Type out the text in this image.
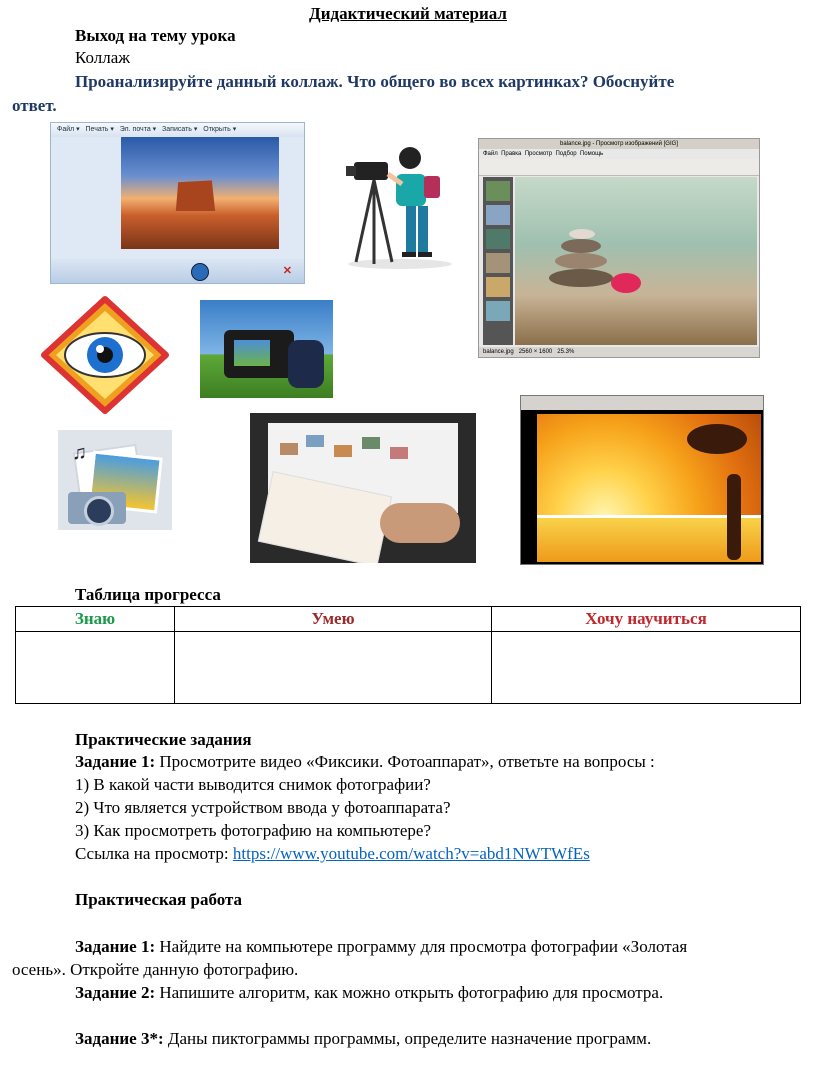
Дидактический материал
Выход на тему урока
Коллаж
Проанализируйте данный коллаж. Что общего во всех картинках? Обоснуйте
ответ.
Файл ▾   Печать ▾   Эл. почта ▾   Записать ▾   Открыть ▾
✕
balance.jpg - Просмотр изображений [GIG]
Файл Правка Просмотр Подбор Помощь
balance.jpg 2560 × 1600 25.3%
♫
Таблица прогресса
Знаю	Умею	Хочу научиться

Практические задания
Задание 1: Просмотрите видео «Фиксики. Фотоаппарат», ответьте на вопросы :
1) В какой части выводится снимок фотографии?
2) Что является устройством ввода у фотоаппарата?
3) Как просмотреть фотографию на компьютере?
Ссылка на просмотр: https://www.youtube.com/watch?v=abd1NWTWfEs
Практическая работа
Задание 1: Найдите на компьютере программу для просмотра фотографии «Золотая
осень». Откройте данную фотографию.
Задание 2: Напишите алгоритм, как можно открыть фотографию для просмотра.
Задание 3*: Даны пиктограммы программы, определите назначение программ.
